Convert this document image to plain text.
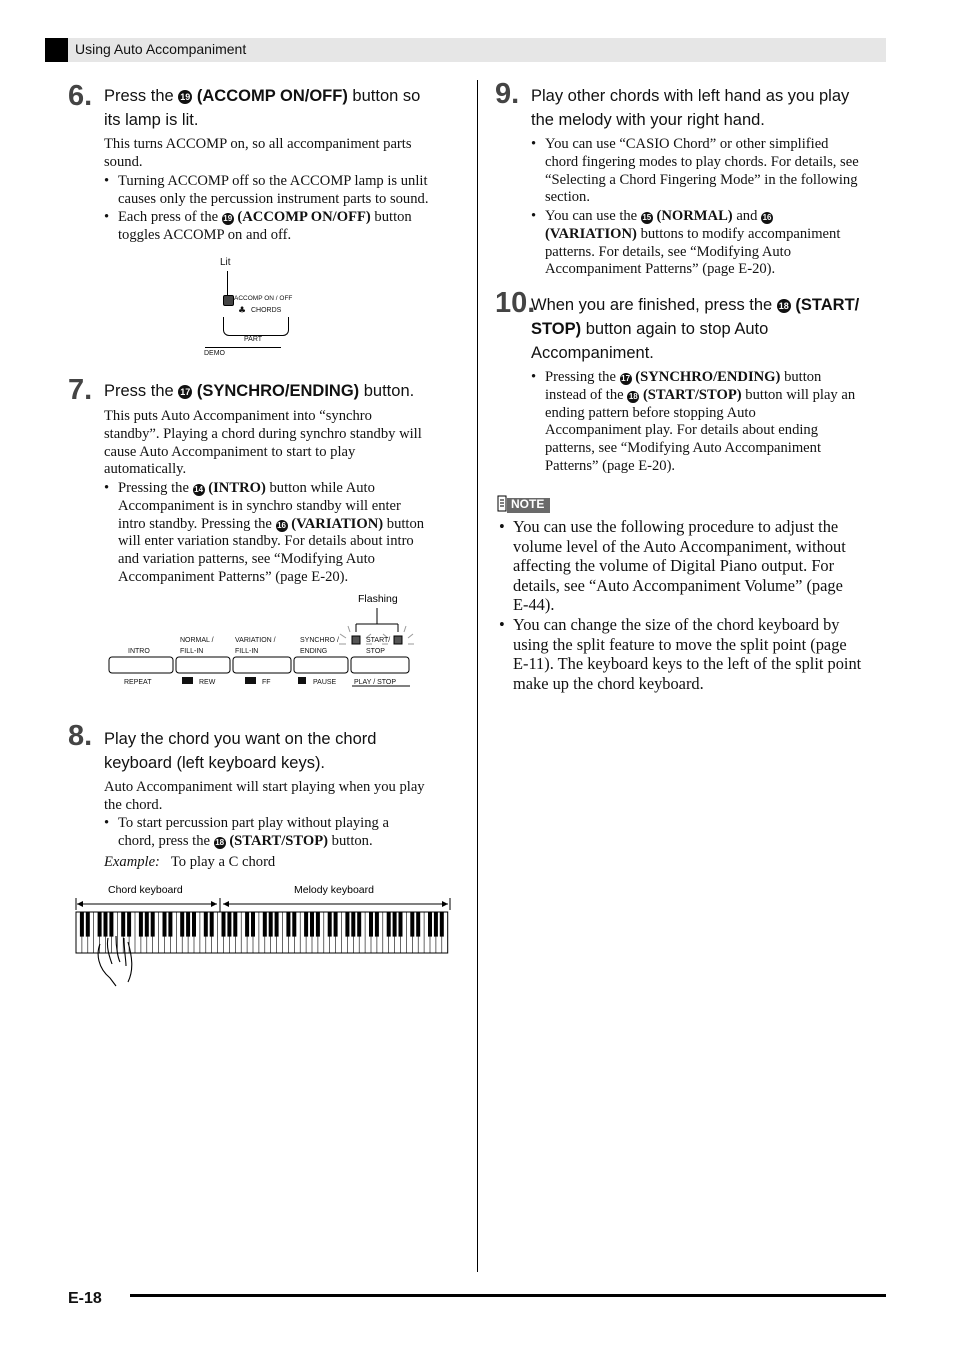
Using Auto Accompaniment
6. Press the 19 (ACCOMP ON/OFF) button so
its lamp is lit.
This turns ACCOMP on, so all accompaniment parts
sound.
• Turning ACCOMP off so the ACCOMP lamp is unlit
causes only the percussion instrument parts to sound.
• Each press of the 19 (ACCOMP ON/OFF) button
toggles ACCOMP on and off.
Lit
ACCOMP ON / OFF
♣ CHORDS
PART
DEMO
7. Press the 17 (SYNCHRO/ENDING) button.
This puts Auto Accompaniment into “synchro
standby”. Playing a chord during synchro standby will
cause Auto Accompaniment to start to play
automatically.
• Pressing the 14 (INTRO) button while Auto
Accompaniment is in synchro standby will enter
intro standby. Pressing the 16 (VARIATION) button
will enter variation standby. For details about intro
and variation patterns, see “Modifying Auto
Accompaniment Patterns” (page E-20).
Flashing
INTRO
NORMAL /
FILL-IN
VARIATION /
FILL-IN
SYNCHRO /
ENDING
START/
STOP
REPEAT	REW	FF	PAUSE	PLAY / STOP
8. Play the chord you want on the chord
keyboard (left keyboard keys).
Auto Accompaniment will start playing when you play
the chord.
• To start percussion part play without playing a
chord, press the 18 (START/STOP) button.
Example: To play a C chord
Chord keyboard	Melody keyboard
9. Play other chords with left hand as you play
the melody with your right hand.
• You can use “CASIO Chord” or other simplified
chord fingering modes to play chords. For details, see
“Selecting a Chord Fingering Mode” in the following
section.
• You can use the 15 (NORMAL) and 16
(VARIATION) buttons to modify accompaniment
patterns. For details, see “Modifying Auto
Accompaniment Patterns” (page E-20).
10.
When you are finished, press the 18 (START/
STOP) button again to stop Auto
Accompaniment.
• Pressing the 17 (SYNCHRO/ENDING) button
instead of the 18 (START/STOP) button will play an
ending pattern before stopping Auto
Accompaniment play. For details about ending
patterns, see “Modifying Auto Accompaniment
Patterns” (page E-20).
NOTE
• You can use the following procedure to adjust the
volume level of the Auto Accompaniment, without
affecting the volume of Digital Piano output. For
details, see “Auto Accompaniment Volume” (page
E-44).
• You can change the size of the chord keyboard by
using the split feature to move the split point (page
E-11). The keyboard keys to the left of the split point
make up the chord keyboard.
E-18
